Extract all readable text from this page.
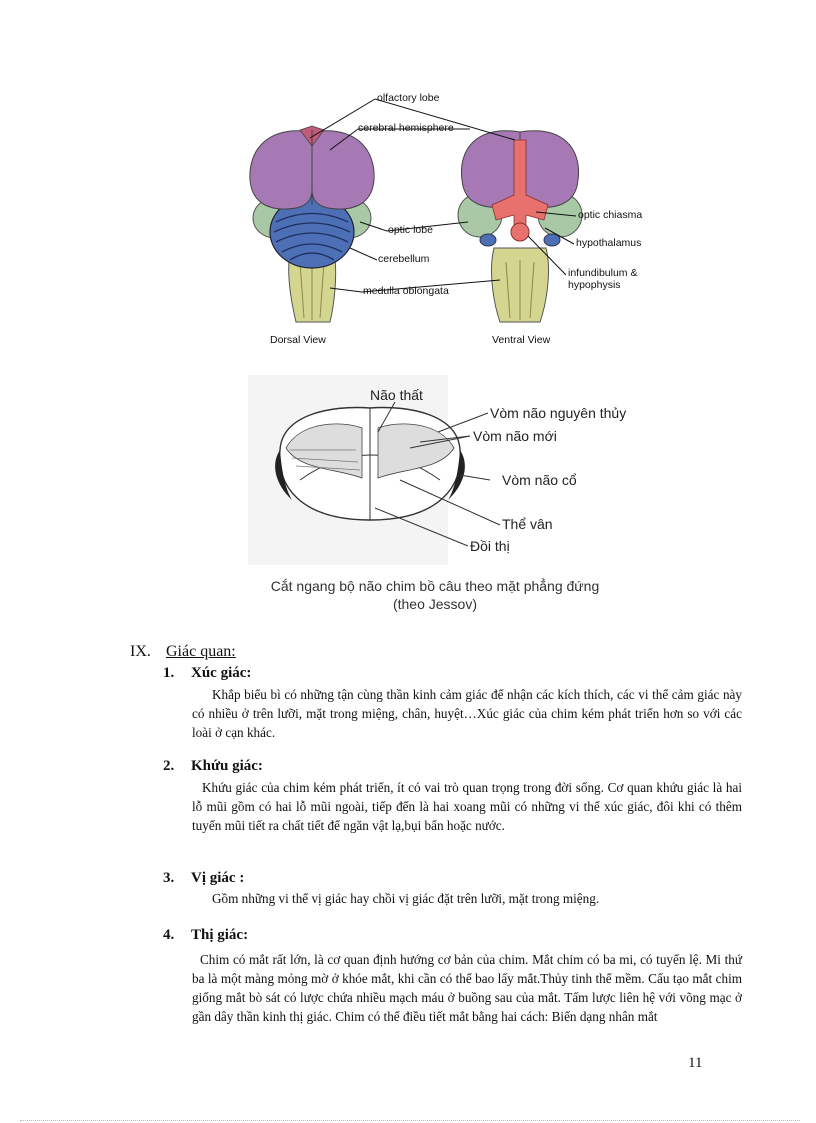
olfactory lobe
cerebral hemisphere
optic lobe
cerebellum
medulla oblongata
optic chiasma
hypothalamus
infundibulum &
hypophysis
Dorsal View	Ventral View
Não thất
Vòm não nguyên thủy
Vòm não mới
Vòm não cổ
Thể vân
Đồi thị
Cắt ngang bộ não chim bồ câu theo mặt phẳng đứng
(theo Jessov)
IX. Giác quan:
1. Xúc giác:

Khắp biểu bì có những tận cùng thần kinh cảm giác để nhận các kích thích, các vi thể cảm giác này có nhiều ở trên lưỡi, mặt trong miệng, chân, huyệt…Xúc giác của chim kém phát triển hơn so với các loài ở cạn khác.

2. Khứu giác:

Khứu giác của chim kém phát triển, ít có vai trò quan trọng trong đời sống. Cơ quan khứu giác là hai lỗ mũi gồm có hai lỗ mũi ngoài, tiếp đến là hai xoang mũi có những vi thể xúc giác, đôi khi có thêm tuyến mũi tiết ra chất tiết để ngăn vật lạ,bụi bẩn hoặc nước.

3. Vị giác :

Gồm những vi thể vị giác hay chồi vị giác đặt trên lưỡi, mặt trong miệng.

4. Thị giác:

Chim có mắt rất lớn, là cơ quan định hướng cơ bản của chim. Mắt chim có ba mi, có tuyến lệ. Mi thứ ba là một màng mỏng mờ ở khóe mắt, khi cần có thể bao lấy mắt.Thủy tinh thể mềm. Cấu tạo mắt chim giống mắt bò sát có lược chứa nhiều mạch máu ở buồng sau của mắt. Tấm lược liên hệ với võng mạc ở gần dây thần kinh thị giác. Chim có thể điều tiết mắt bằng hai cách: Biến dạng nhân mắt

11
